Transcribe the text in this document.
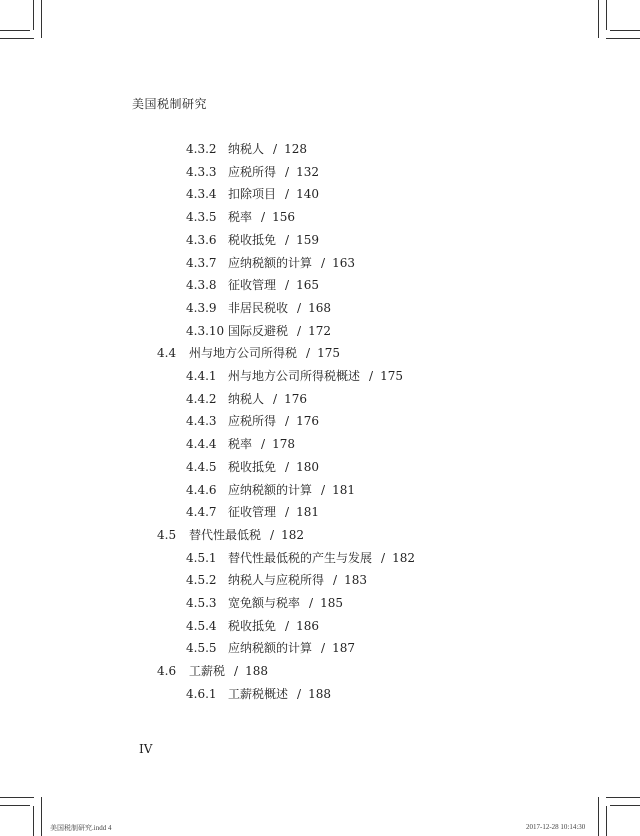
美国税制研究
4.3.2 纳税人 / 128
4.3.3 应税所得 / 132
4.3.4 扣除项目 / 140
4.3.5 税率 / 156
4.3.6 税收抵免 / 159
4.3.7 应纳税额的计算 / 163
4.3.8 征收管理 / 165
4.3.9 非居民税收 / 168
4.3.10 国际反避税 / 172
4.4 州与地方公司所得税 / 175
4.4.1 州与地方公司所得税概述 / 175
4.4.2 纳税人 / 176
4.4.3 应税所得 / 176
4.4.4 税率 / 178
4.4.5 税收抵免 / 180
4.4.6 应纳税额的计算 / 181
4.4.7 征收管理 / 181
4.5 替代性最低税 / 182
4.5.1 替代性最低税的产生与发展 / 182
4.5.2 纳税人与应税所得 / 183
4.5.3 宽免额与税率 / 185
4.5.4 税收抵免 / 186
4.5.5 应纳税额的计算 / 187
4.6 工薪税 / 188
4.6.1 工薪税概述 / 188
IV
美国税制研究.indd 4	2017-12-28 10:14:30
